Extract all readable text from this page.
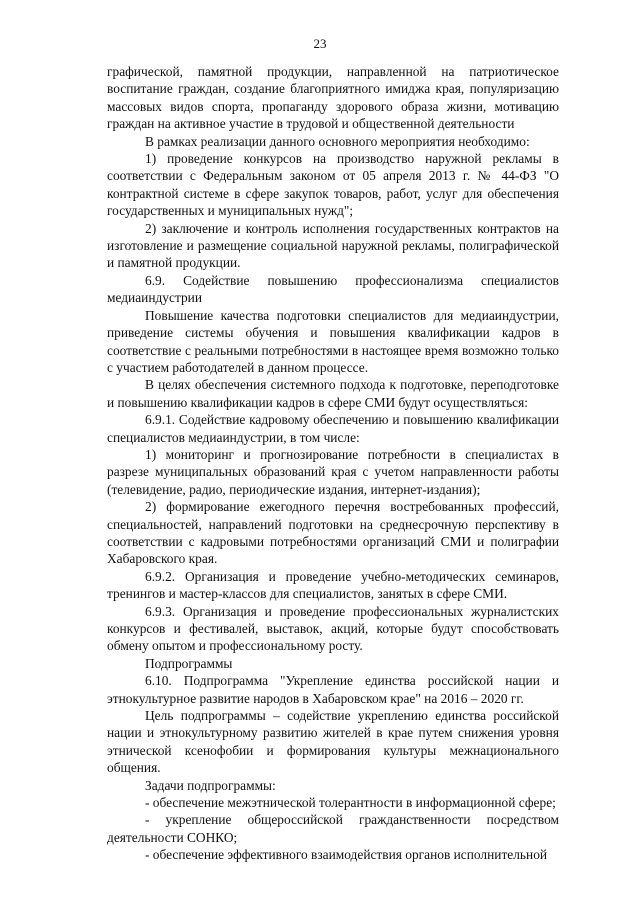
23

графической, памятной продукции, направленной на патриотическое воспитание граждан, создание благоприятного имиджа края, популяризацию массовых видов спорта, пропаганду здорового образа жизни, мотивацию граждан на активное участие в трудовой и общественной деятельности

В рамках реализации данного основного мероприятия необходимо:

1) проведение конкурсов на производство наружной рекламы в соответствии с Федеральным законом от 05 апреля 2013 г. № 44-ФЗ "О контрактной системе в сфере закупок товаров, работ, услуг для обеспечения государственных и муниципальных нужд";

2) заключение и контроль исполнения государственных контрактов на изготовление и размещение социальной наружной рекламы, полиграфической и памятной продукции.

6.9. Содействие повышению профессионализма специалистов медиаиндустрии

Повышение качества подготовки специалистов для медиаиндустрии, приведение системы обучения и повышения квалификации кадров в соответствие с реальными потребностями в настоящее время возможно только с участием работодателей в данном процессе.

В целях обеспечения системного подхода к подготовке, переподготовке и повышению квалификации кадров в сфере СМИ будут осуществляться:

6.9.1. Содействие кадровому обеспечению и повышению квалификации специалистов медиаиндустрии, в том числе:

1) мониторинг и прогнозирование потребности в специалистах в разрезе муниципальных образований края с учетом направленности работы (телевидение, радио, периодические издания, интернет-издания);

2) формирование ежегодного перечня востребованных профессий, специальностей, направлений подготовки на среднесрочную перспективу в соответствии с кадровыми потребностями организаций СМИ и полиграфии Хабаровского края.

6.9.2. Организация и проведение учебно-методических семинаров, тренингов и мастер-классов для специалистов, занятых в сфере СМИ.

6.9.3. Организация и проведение профессиональных журналистских конкурсов и фестивалей, выставок, акций, которые будут способствовать обмену опытом и профессиональному росту.

Подпрограммы

6.10. Подпрограмма "Укрепление единства российской нации и этнокультурное развитие народов в Хабаровском крае" на 2016 – 2020 гг.

Цель подпрограммы – содействие укреплению единства российской нации и этнокультурному развитию жителей в крае путем снижения уровня этнической ксенофобии и формирования культуры межнационального общения.

Задачи подпрограммы:

- обеспечение межэтнической толерантности в информационной сфере;

- укрепление общероссийской гражданственности посредством деятельности СОНКО;

- обеспечение эффективного взаимодействия органов исполнительной
